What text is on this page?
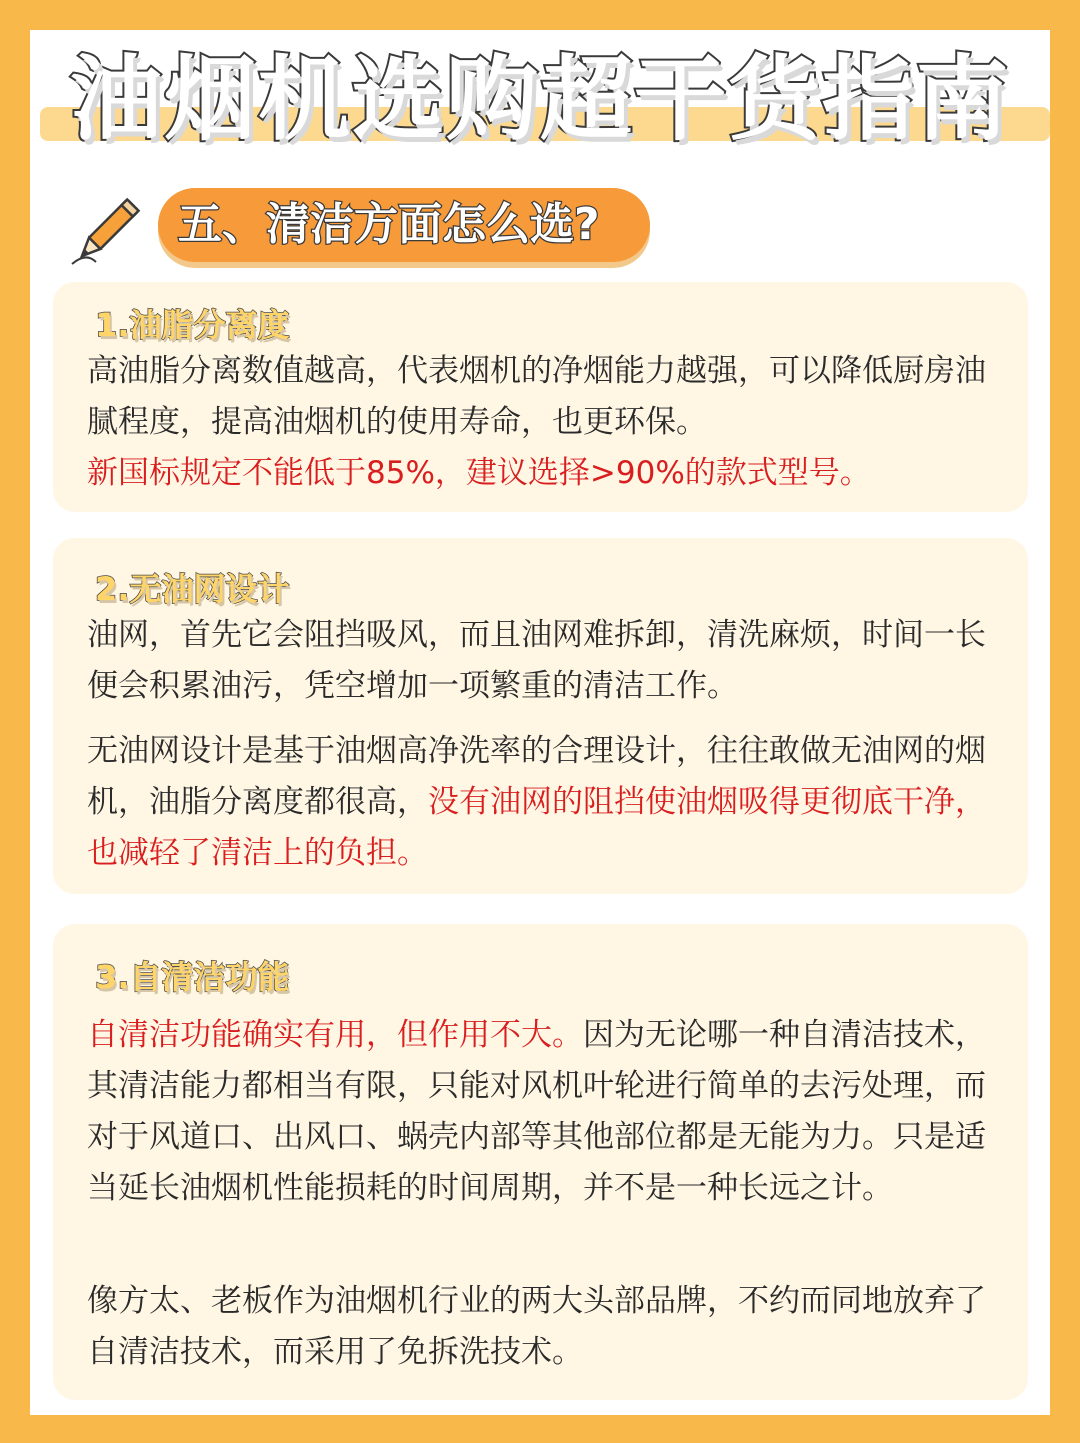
油烟机选购超干货指南
五、清洁方面怎么选?
1.油脂分离度
高油脂分离数值越高，代表烟机的净烟能力越强，可以降低厨房油腻程度，提高油烟机的使用寿命，也更环保。
新国标规定不能低于85%，建议选择>90%的款式型号。
2.无油网设计
油网，首先它会阻挡吸风，而且油网难拆卸，清洗麻烦，时间一长便会积累油污，凭空增加一项繁重的清洁工作。
无油网设计是基于油烟高净洗率的合理设计，往往敢做无油网的烟机，油脂分离度都很高，没有油网的阻挡使油烟吸得更彻底干净，也减轻了清洁上的负担。
3.自清洁功能
自清洁功能确实有用，但作用不大。因为无论哪一种自清洁技术，其清洁能力都相当有限，只能对风机叶轮进行简单的去污处理，而对于风道口、出风口、蜗壳内部等其他部位都是无能为力。只是适当延长油烟机性能损耗的时间周期，并不是一种长远之计。
像方太、老板作为油烟机行业的两大头部品牌，不约而同地放弃了自清洁技术，而采用了免拆洗技术。
